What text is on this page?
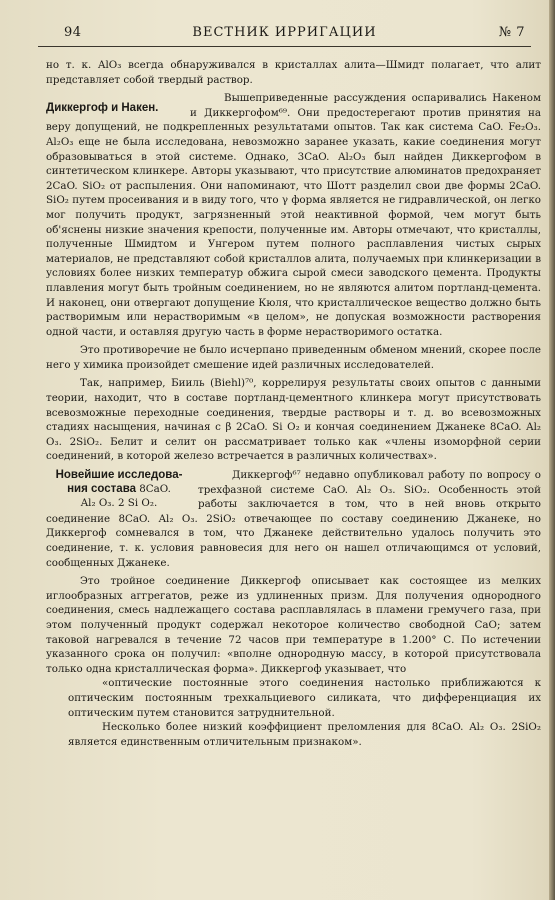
94	ВЕСТНИК ИРРИГАЦИИ	№ 7

но т. к. AlO₃ всегда обнаруживался в кристаллах алита—Шмидт полагает, что алит представляет собой твердый раствор.

Диккергоф и Накен.

Вышеприведенные рассуждения оспаривались Накеном и Диккергофом⁶⁹. Они предостерегают против принятия на веру допущений, не подкрепленных результатами опытов. Так как система CaO. Fe₂O₃. Al₂O₃ еще не была исследована, невозможно заранее указать, какие соединения могут образовываться в этой системе. Однако, 3CaO. Al₂O₃ был найден Диккергофом в синтетическом клинкере. Авторы указывают, что присутствие алюминатов предохраняет 2CaO. SiO₂ от распыления. Они напоминают, что Шотт разделил свои две формы 2CaO. SiO₂ путем просеивания и в виду того, что γ форма является не гидравлической, он легко мог получить продукт, загрязненный этой неактивной формой, чем могут быть об'яснены низкие значения крепости, полученные им. Авторы отмечают, что кристаллы, полученные Шмидтом и Унгером путем полного расплавления чистых сырых материалов, не представляют собой кристаллов алита, получаемых при клинкеризации в условиях более низких температур обжига сырой смеси заводского цемента. Продукты плавления могут быть тройным соединением, но не являются алитом портланд-цемента. И наконец, они отвергают допущение Кюля, что кристаллическое вещество должно быть растворимым или нерастворимым «в целом», не допуская возможности растворения одной части, и оставляя другую часть в форме нерастворимого остатка.

Это противоречие не было исчерпано приведенным обменом мнений, скорее после него у химика произойдет смешение идей различных исследователей.

Так, например, Бииль (Biehl)⁷⁰, коррелируя результаты своих опытов с данными теории, находит, что в составе портланд-цементного клинкера могут присутствовать всевозможные переходные соединения, твердые растворы и т. д. во всевозможных стадиях насыщения, начиная с β 2CaO. Si O₂ и кончая соединением Джанеке 8CaO. Al₂ O₃. 2SiO₂. Белит и селит он рассматривает только как «члены изоморфной серии соединений, в которой железо встречается в различных количествах».

Новейшие исследова-
ния состава 8CaO.
Al₂ O₃. 2 Si O₂.

Диккергоф⁶⁷ недавно опубликовал работу по вопросу о трехфазной системе CaO. Al₂ O₃. SiO₂. Особенность этой работы заключается в том, что в ней вновь открыто соединение 8CaO. Al₂ O₃. 2SiO₂ отвечающее по составу соединению Джанеке, но Диккергоф сомневался в том, что Джанеке действительно удалось получить это соединение, т. к. условия равновесия для него он нашел отличающимся от условий, сообщенных Джанеке.

Это тройное соединение Диккергоф описывает как состоящее из мелких иглообразных аггрегатов, реже из удлиненных призм. Для получения однородного соединения, смесь надлежащего состава расплавлялась в пламени гремучего газа, при этом полученный продукт содержал некоторое количество свободной CaO; затем таковой нагревался в течение 72 часов при температуре в 1.200° С. По истечении указанного срока он получил: «вполне однородную массу, в которой присутствовала только одна кристаллическая форма». Диккергоф указывает, что

«оптические постоянные этого соединения настолько приближаются к оптическим постоянным трехкальциевого силиката, что дифференциация их оптическим путем становится затруднительной.

Несколько более низкий коэффициент преломления для 8CaO. Al₂ O₃. 2SiO₂ является единственным отличительным признаком».
